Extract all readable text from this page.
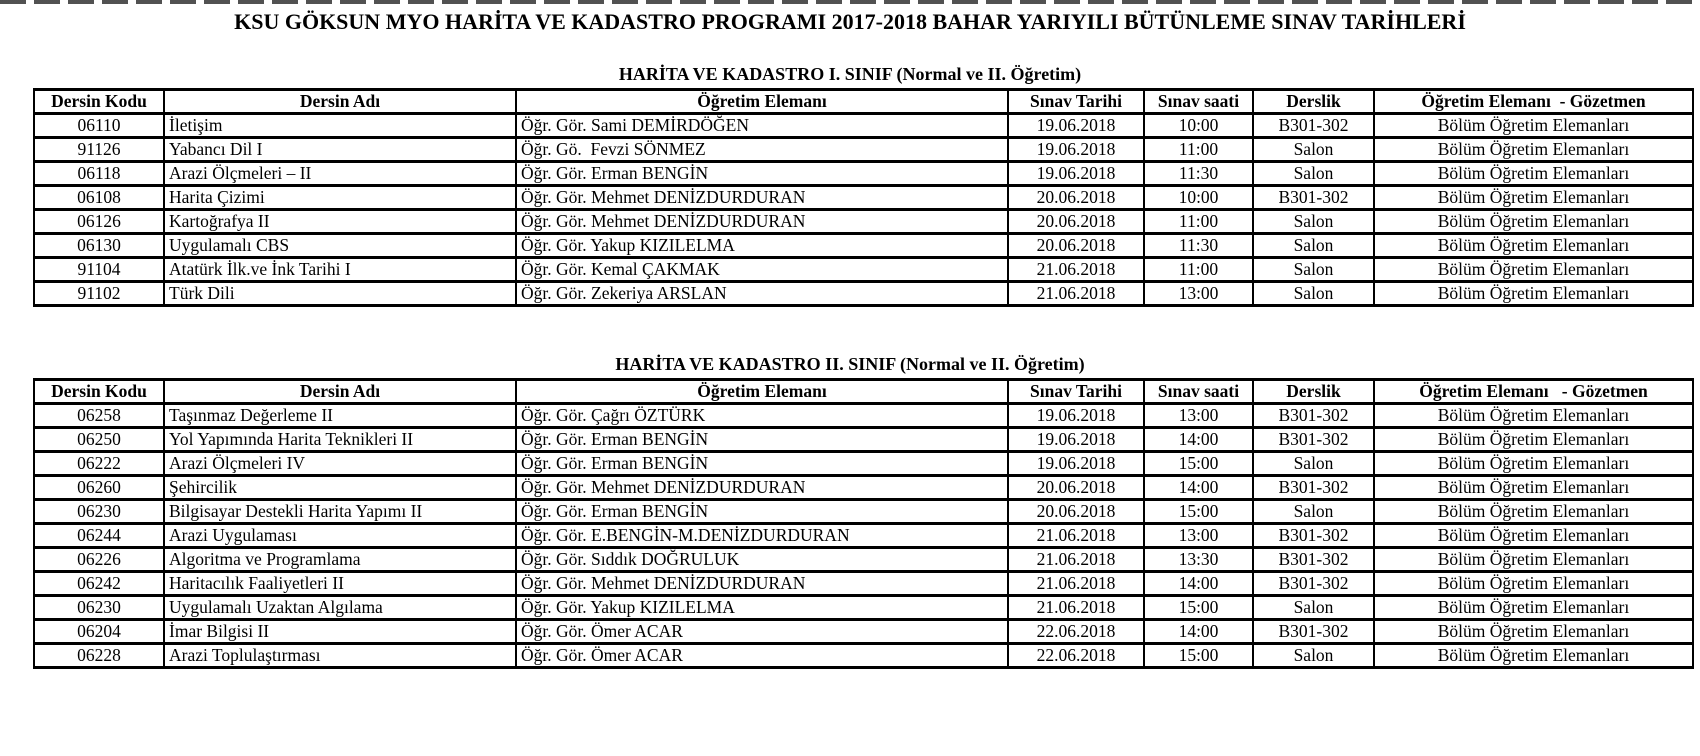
KSU GÖKSUN MYO HARİTA VE KADASTRO PROGRAMI 2017-2018 BAHAR YARIYILI BÜTÜNLEME SINAV TARİHLERİ
HARİTA VE KADASTRO I. SINIF (Normal ve II. Öğretim)
Dersin Kodu	Dersin Adı	Öğretim Elemanı	Sınav Tarihi	Sınav saati	Derslik	Öğretim Elemanı  - Gözetmen
06110	İletişim	Öğr. Gör. Sami DEMİRDÖĞEN	19.06.2018	10:00	B301-302	Bölüm Öğretim Elemanları
91126	Yabancı Dil I	Öğr. Gö.  Fevzi SÖNMEZ	19.06.2018	11:00	Salon	Bölüm Öğretim Elemanları
06118	Arazi Ölçmeleri – II	Öğr. Gör. Erman BENGİN	19.06.2018	11:30	Salon	Bölüm Öğretim Elemanları
06108	Harita Çizimi	Öğr. Gör. Mehmet DENİZDURDURAN	20.06.2018	10:00	B301-302	Bölüm Öğretim Elemanları
06126	Kartoğrafya II	Öğr. Gör. Mehmet DENİZDURDURAN	20.06.2018	11:00	Salon	Bölüm Öğretim Elemanları
06130	Uygulamalı CBS	Öğr. Gör. Yakup KIZILELMA	20.06.2018	11:30	Salon	Bölüm Öğretim Elemanları
91104	Atatürk İlk.ve İnk Tarihi I	Öğr. Gör. Kemal ÇAKMAK	21.06.2018	11:00	Salon	Bölüm Öğretim Elemanları
91102	Türk Dili	Öğr. Gör. Zekeriya ARSLAN	21.06.2018	13:00	Salon	Bölüm Öğretim Elemanları
HARİTA VE KADASTRO II. SINIF (Normal ve II. Öğretim)
Dersin Kodu	Dersin Adı	Öğretim Elemanı	Sınav Tarihi	Sınav saati	Derslik	Öğretim Elemanı   - Gözetmen
06258	Taşınmaz Değerleme II	Öğr. Gör. Çağrı ÖZTÜRK	19.06.2018	13:00	B301-302	Bölüm Öğretim Elemanları
06250	Yol Yapımında Harita Teknikleri II	Öğr. Gör. Erman BENGİN	19.06.2018	14:00	B301-302	Bölüm Öğretim Elemanları
06222	Arazi Ölçmeleri IV	Öğr. Gör. Erman BENGİN	19.06.2018	15:00	Salon	Bölüm Öğretim Elemanları
06260	Şehircilik	Öğr. Gör. Mehmet DENİZDURDURAN	20.06.2018	14:00	B301-302	Bölüm Öğretim Elemanları
06230	Bilgisayar Destekli Harita Yapımı II	Öğr. Gör. Erman BENGİN	20.06.2018	15:00	Salon	Bölüm Öğretim Elemanları
06244	Arazi Uygulaması	Öğr. Gör. E.BENGİN-M.DENİZDURDURAN	21.06.2018	13:00	B301-302	Bölüm Öğretim Elemanları
06226	Algoritma ve Programlama	Öğr. Gör. Sıddık DOĞRULUK	21.06.2018	13:30	B301-302	Bölüm Öğretim Elemanları
06242	Haritacılık Faaliyetleri II	Öğr. Gör. Mehmet DENİZDURDURAN	21.06.2018	14:00	B301-302	Bölüm Öğretim Elemanları
06230	Uygulamalı Uzaktan Algılama	Öğr. Gör. Yakup KIZILELMA	21.06.2018	15:00	Salon	Bölüm Öğretim Elemanları
06204	İmar Bilgisi II	Öğr. Gör. Ömer ACAR	22.06.2018	14:00	B301-302	Bölüm Öğretim Elemanları
06228	Arazi Toplulaştırması	Öğr. Gör. Ömer ACAR	22.06.2018	15:00	Salon	Bölüm Öğretim Elemanları
